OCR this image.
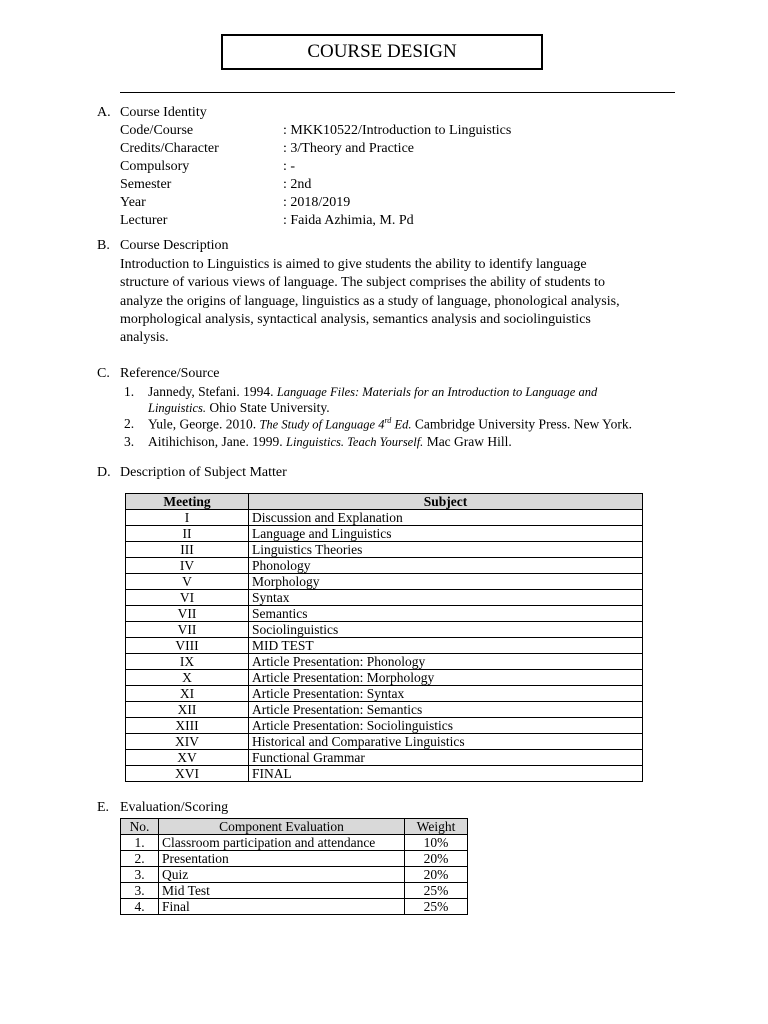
COURSE DESIGN
A. Course Identity
Code/Course	: MKK10522/Introduction to Linguistics
Credits/Character	: 3/Theory and Practice
Compulsory	: -
Semester	: 2nd
Year	: 2018/2019
Lecturer	: Faida Azhimia, M. Pd
B. Course Description
Introduction to Linguistics is aimed to give students the ability to identify language
structure of various views of language. The subject comprises the ability of students to
analyze the origins of language, linguistics as a study of language, phonological analysis,
morphological analysis, syntactical analysis, semantics analysis and sociolinguistics
analysis.
C. Reference/Source
1. Jannedy, Stefani. 1994. Language Files: Materials for an Introduction to Language and
Linguistics. Ohio State University.
2. Yule, George. 2010. The Study of Language 4rd Ed. Cambridge University Press. New York.
3. Aitihichison, Jane. 1999. Linguistics. Teach Yourself. Mac Graw Hill.
D. Description of Subject Matter
Meeting	Subject
I	Discussion and Explanation
II	Language and Linguistics
III	Linguistics Theories
IV	Phonology
V	Morphology
VI	Syntax
VII	Semantics
VII	Sociolinguistics
VIII	MID TEST
IX	Article Presentation: Phonology
X	Article Presentation: Morphology
XI	Article Presentation: Syntax
XII	Article Presentation: Semantics
XIII	Article Presentation: Sociolinguistics
XIV	Historical and Comparative Linguistics
XV	Functional Grammar
XVI	FINAL
E. Evaluation/Scoring
No.	Component Evaluation	Weight
1.	Classroom participation and attendance	10%
2.	Presentation	20%
3.	Quiz	20%
3.	Mid Test	25%
4.	Final	25%
